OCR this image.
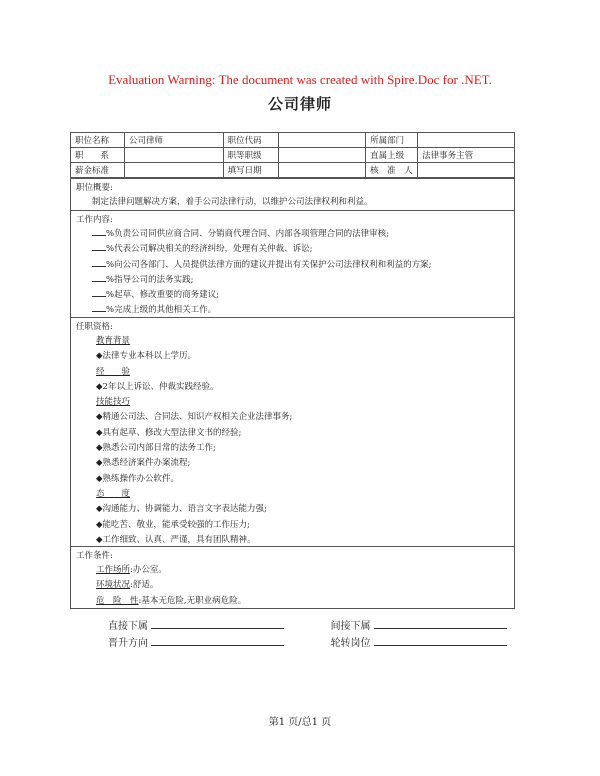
Evaluation Warning: The document was created with Spire.Doc for .NET.
公司律师
职位名称	公司律师	职位代码		所属部门	
职　　系		职等职级		直属上级	法律事务主管
薪金标准		填写日期		核　准　人	
职位概要:
制定法律问题解决方案，着手公司法律行动，以维护公司法律权利和利益。
工作内容:
%负责公司同供应商合同、分销商代理合同、内部各项管理合同的法律审核;
%代表公司解决相关的经济纠纷，处理有关仲裁、诉讼;
%向公司各部门、人员提供法律方面的建议并提出有关保护公司法律权利和利益的方案;
%指导公司的法务实践;
%起草、修改重要的商务建议;
%完成上级的其他相关工作。
任职资格:
教育背景
◆法律专业本科以上学历。
经　　验
◆2年以上诉讼、仲裁实践经验。
技能技巧
◆精通公司法、合同法、知识产权相关企业法律事务;
◆具有起草、修改大型法律文书的经验;
◆熟悉公司内部日常的法务工作;
◆熟悉经济案件办案流程;
◆熟练操作办公软件。
态　　度
◆沟通能力、协调能力、语言文字表达能力强;
◆能吃苦、敬业，能承受较强的工作压力;
◆工作细致、认真、严谨，具有团队精神。
工作条件:
工作场所:办公室。
环境状况:舒适。
危　险　性:基本无危险,无职业病危险。
直接下属	间接下属
晋升方向	轮转岗位
第1 页/总1 页
